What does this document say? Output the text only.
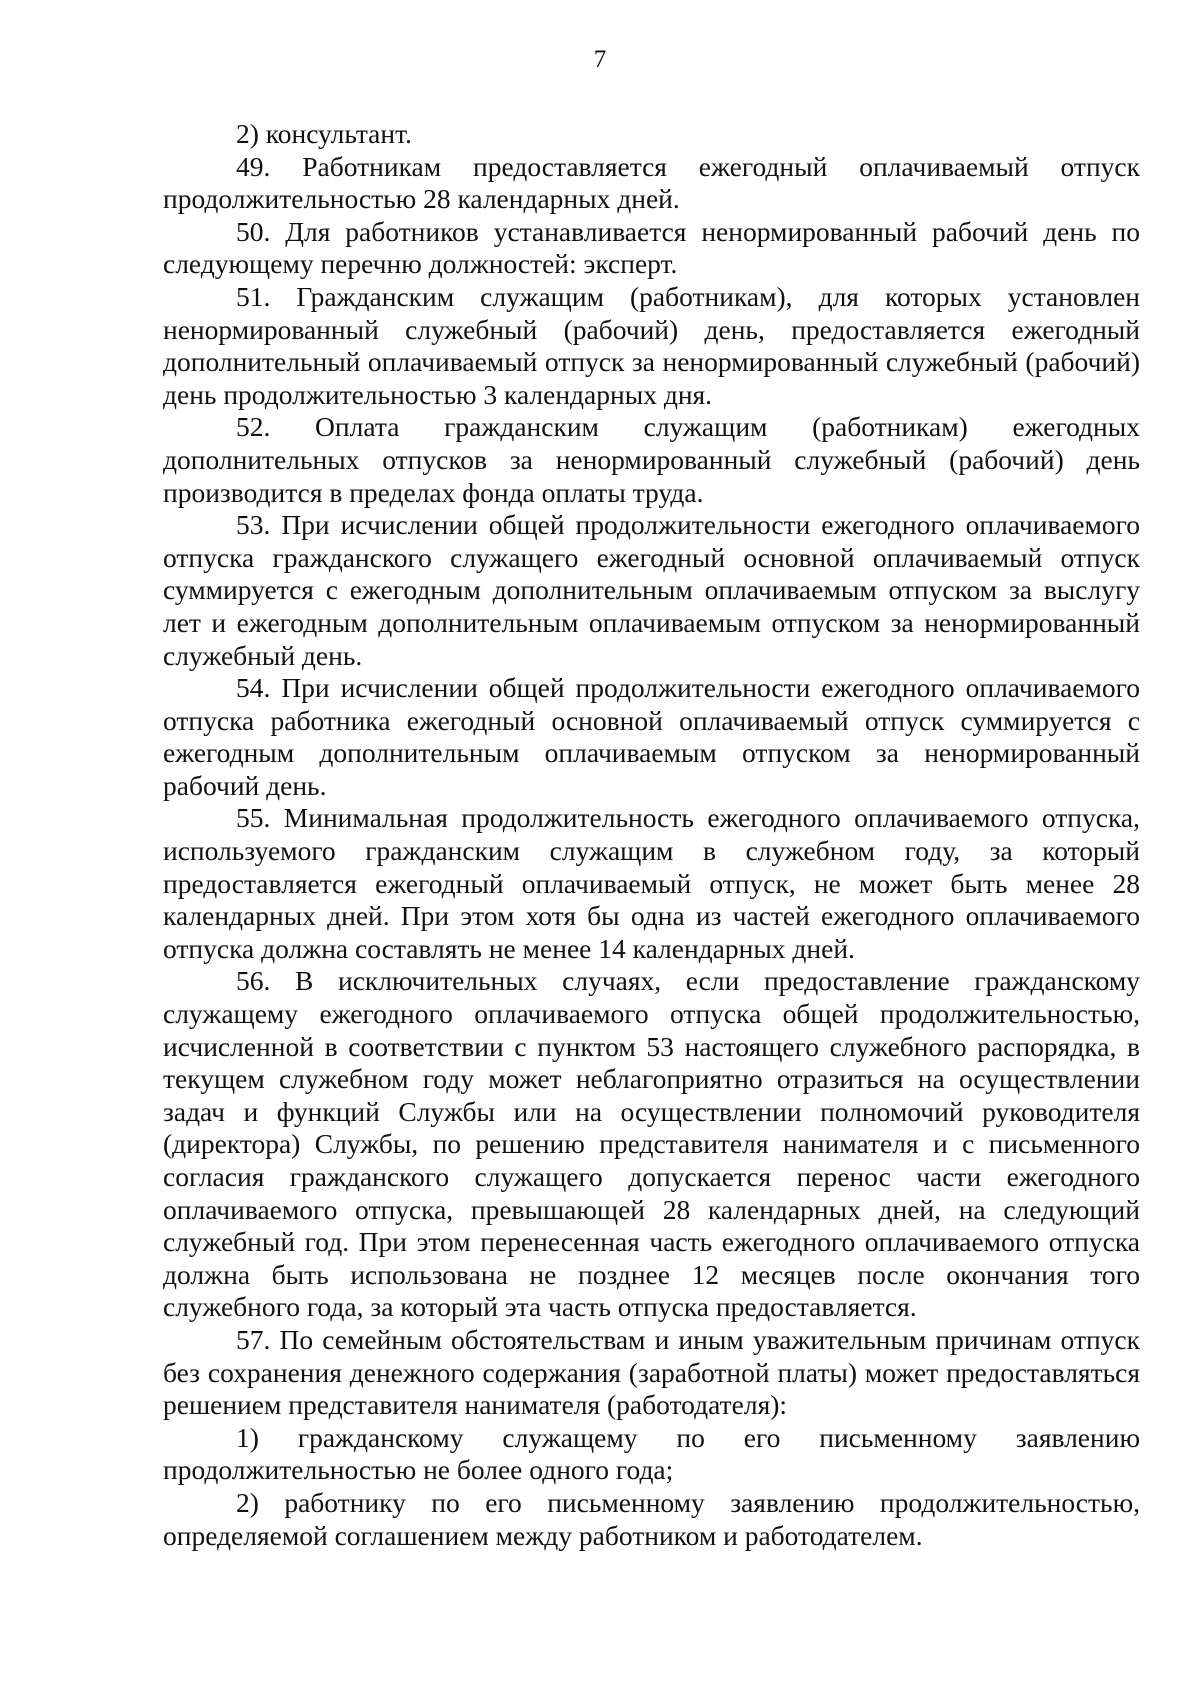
7

2) консультант.

49. Работникам предоставляется ежегодный оплачиваемый отпуск продолжительностью 28 календарных дней.

50. Для работников устанавливается ненормированный рабочий день по следующему перечню должностей: эксперт.

51. Гражданским служащим (работникам), для которых установлен ненормированный служебный (рабочий) день, предоставляется ежегодный дополнительный оплачиваемый отпуск за ненормированный служебный (рабочий) день продолжительностью 3 календарных дня.

52. Оплата гражданским служащим (работникам) ежегодных дополнительных отпусков за ненормированный служебный (рабочий) день производится в пределах фонда оплаты труда.

53. При исчислении общей продолжительности ежегодного оплачиваемого отпуска гражданского служащего ежегодный основной оплачиваемый отпуск суммируется с ежегодным дополнительным оплачиваемым отпуском за выслугу лет и ежегодным дополнительным оплачиваемым отпуском за ненормированный служебный день.

54. При исчислении общей продолжительности ежегодного оплачиваемого отпуска работника ежегодный основной оплачиваемый отпуск суммируется с ежегодным дополнительным оплачиваемым отпуском за ненормированный рабочий день.

55. Минимальная продолжительность ежегодного оплачиваемого отпуска, используемого гражданским служащим в служебном году, за который предоставляется ежегодный оплачиваемый отпуск, не может быть менее 28 календарных дней. При этом хотя бы одна из частей ежегодного оплачиваемого отпуска должна составлять не менее 14 календарных дней.

56. В исключительных случаях, если предоставление гражданскому служащему ежегодного оплачиваемого отпуска общей продолжительностью, исчисленной в соответствии с пунктом 53 настоящего служебного распорядка, в текущем служебном году может неблагоприятно отразиться на осуществлении задач и функций Службы или на осуществлении полномочий руководителя (директора) Службы, по решению представителя нанимателя и с письменного согласия гражданского служащего допускается перенос части ежегодного оплачиваемого отпуска, превышающей 28 календарных дней, на следующий служебный год. При этом перенесенная часть ежегодного оплачиваемого отпуска должна быть использована не позднее 12 месяцев после окончания того служебного года, за который эта часть отпуска предоставляется.

57. По семейным обстоятельствам и иным уважительным причинам отпуск без сохранения денежного содержания (заработной платы) может предоставляться решением представителя нанимателя (работодателя):

1) гражданскому служащему по его письменному заявлению продолжительностью не более одного года;

2) работнику по его письменному заявлению продолжительностью, определяемой соглашением между работником и работодателем.
